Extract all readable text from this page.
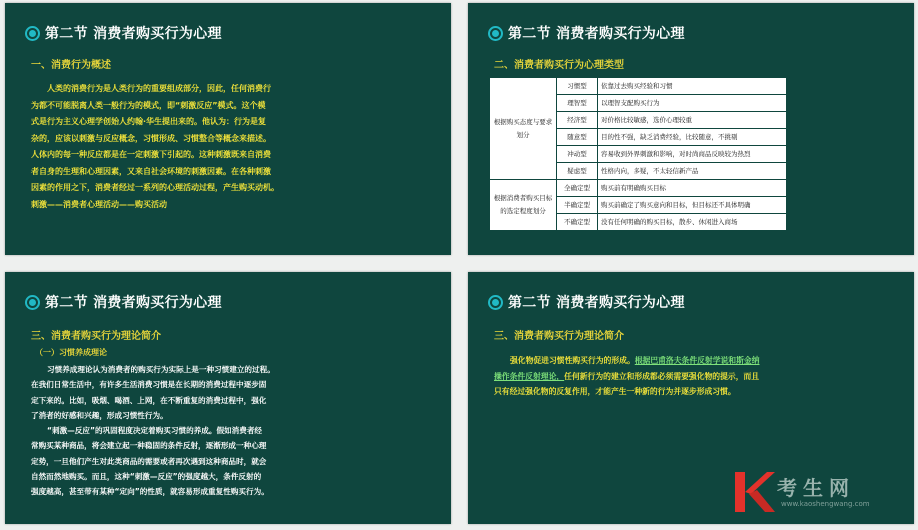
第二节 消费者购买行为心理
一、消费行为概述

人类的消费行为是人类行为的重要组成部分，因此，任何消费行

为都不可能脱离人类一般行为的模式，即“刺激反应”模式。这个模

式是行为主义心理学创始人约翰·华生提出来的。他认为：行为是复

杂的，应该以刺激与反应概念，习惯形成、习惯整合等概念来描述。

人体内的每一种反应都是在一定刺激下引起的。这种刺激既来自消费

者自身的生理和心理因素，又来自社会环境的刺激因素。在各种刺激

因素的作用之下，消费者经过一系列的心理活动过程，产生购买动机。

刺激——消费者心理活动——购买活动

第二节 消费者购买行为心理
二、消费者购买行为心理类型
根据购买态度与要求划分	习惯型	依靠过去购买经验和习惯
	理智型	以理智支配购买行为
	经济型	对价格比较敏感，选价心理较重
	随意型	目的性不强，缺乏消费经验，比较随意，不挑剔
	冲动型	容易收到外界刺激和影响，对时尚商品反映较为热烈
	疑虑型	性格内向，多疑，不太轻信新产品
根据消费者购买目标的选定程度划分	全确定型	购买前有明确购买目标
	半确定型	购买前确定了购买意向和目标，但目标还不具体明确
	不确定型	没有任何明确的购买目标，散步、休闲进入商场
第二节 消费者购买行为心理
三、消费者购买行为理论简介
（一）习惯养成理论

习惯养成理论认为消费者的购买行为实际上是一种习惯建立的过程。

在我们日常生活中，有许多生活消费习惯是在长期的消费过程中逐步固

定下来的。比如，吸烟、喝酒、上网，在不断重复的消费过程中，强化

了消者的好感和兴趣，形成习惯性行为。

“刺激—反应”的巩固程度决定着购买习惯的养成。假如消费者经

常购买某种商品，将会建立起一种稳固的条件反射，逐渐形成一种心理

定势，一旦他们产生对此类商品的需要或者再次遇到这种商品时，就会

自然而然地购买。而且，这种“刺激—反应”的强度越大，条件反射的

强度越高，甚至带有某种“定向”的性质，就容易形成重复性购买行为。

第二节 消费者购买行为心理
三、消费者购买行为理论简介
强化物促进习惯性购买行为的形成。根据巴甫洛夫条件反射学说和斯金纳操作条件反射理论，任何新行为的建立和形成都必须需要强化物的提示，而且只有经过强化物的反复作用，才能产生一种新的行为并逐步形成习惯。
考生网
www.kaoshengwang.com
